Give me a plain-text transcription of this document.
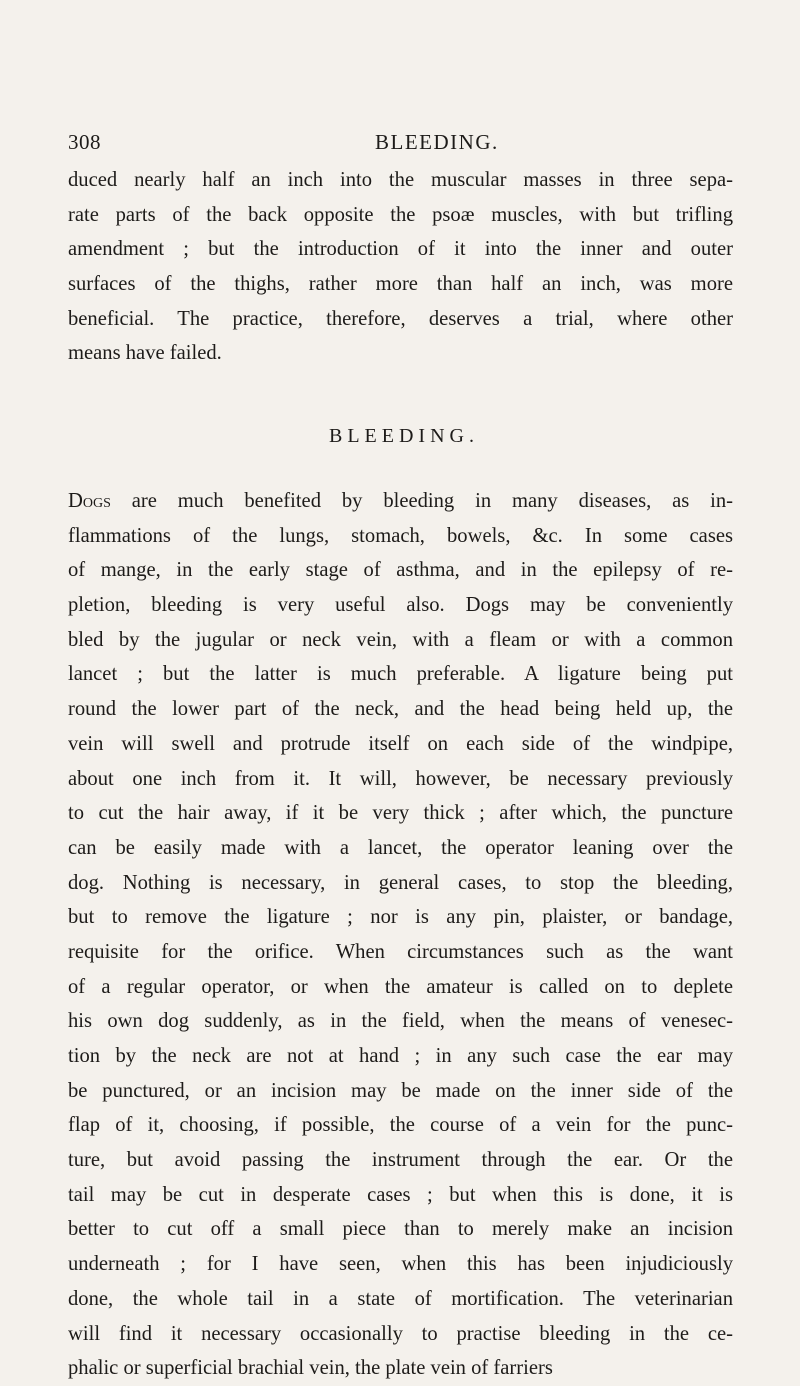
308	BLEEDING.
duced nearly half an inch into the muscular masses in three sepa-
rate parts of the back opposite the psoæ muscles, with but trifling
amendment ; but the introduction of it into the inner and outer
surfaces of the thighs, rather more than half an inch, was more
beneficial. The practice, therefore, deserves a trial, where other
means have failed.
BLEEDING.
Dogs are much benefited by bleeding in many diseases, as in-
flammations of the lungs, stomach, bowels, &c. In some cases
of mange, in the early stage of asthma, and in the epilepsy of re-
pletion, bleeding is very useful also. Dogs may be conveniently
bled by the jugular or neck vein, with a fleam or with a common
lancet ; but the latter is much preferable. A ligature being put
round the lower part of the neck, and the head being held up, the
vein will swell and protrude itself on each side of the windpipe,
about one inch from it. It will, however, be necessary previously
to cut the hair away, if it be very thick ; after which, the puncture
can be easily made with a lancet, the operator leaning over the
dog. Nothing is necessary, in general cases, to stop the bleeding,
but to remove the ligature ; nor is any pin, plaister, or bandage,
requisite for the orifice. When circumstances such as the want
of a regular operator, or when the amateur is called on to deplete
his own dog suddenly, as in the field, when the means of venesec-
tion by the neck are not at hand ; in any such case the ear may
be punctured, or an incision may be made on the inner side of the
flap of it, choosing, if possible, the course of a vein for the punc-
ture, but avoid passing the instrument through the ear. Or the
tail may be cut in desperate cases ; but when this is done, it is
better to cut off a small piece than to merely make an incision
underneath ; for I have seen, when this has been injudiciously
done, the whole tail in a state of mortification. The veterinarian
will find it necessary occasionally to practise bleeding in the ce-
phalic or superficial brachial vein, the plate vein of farriers
